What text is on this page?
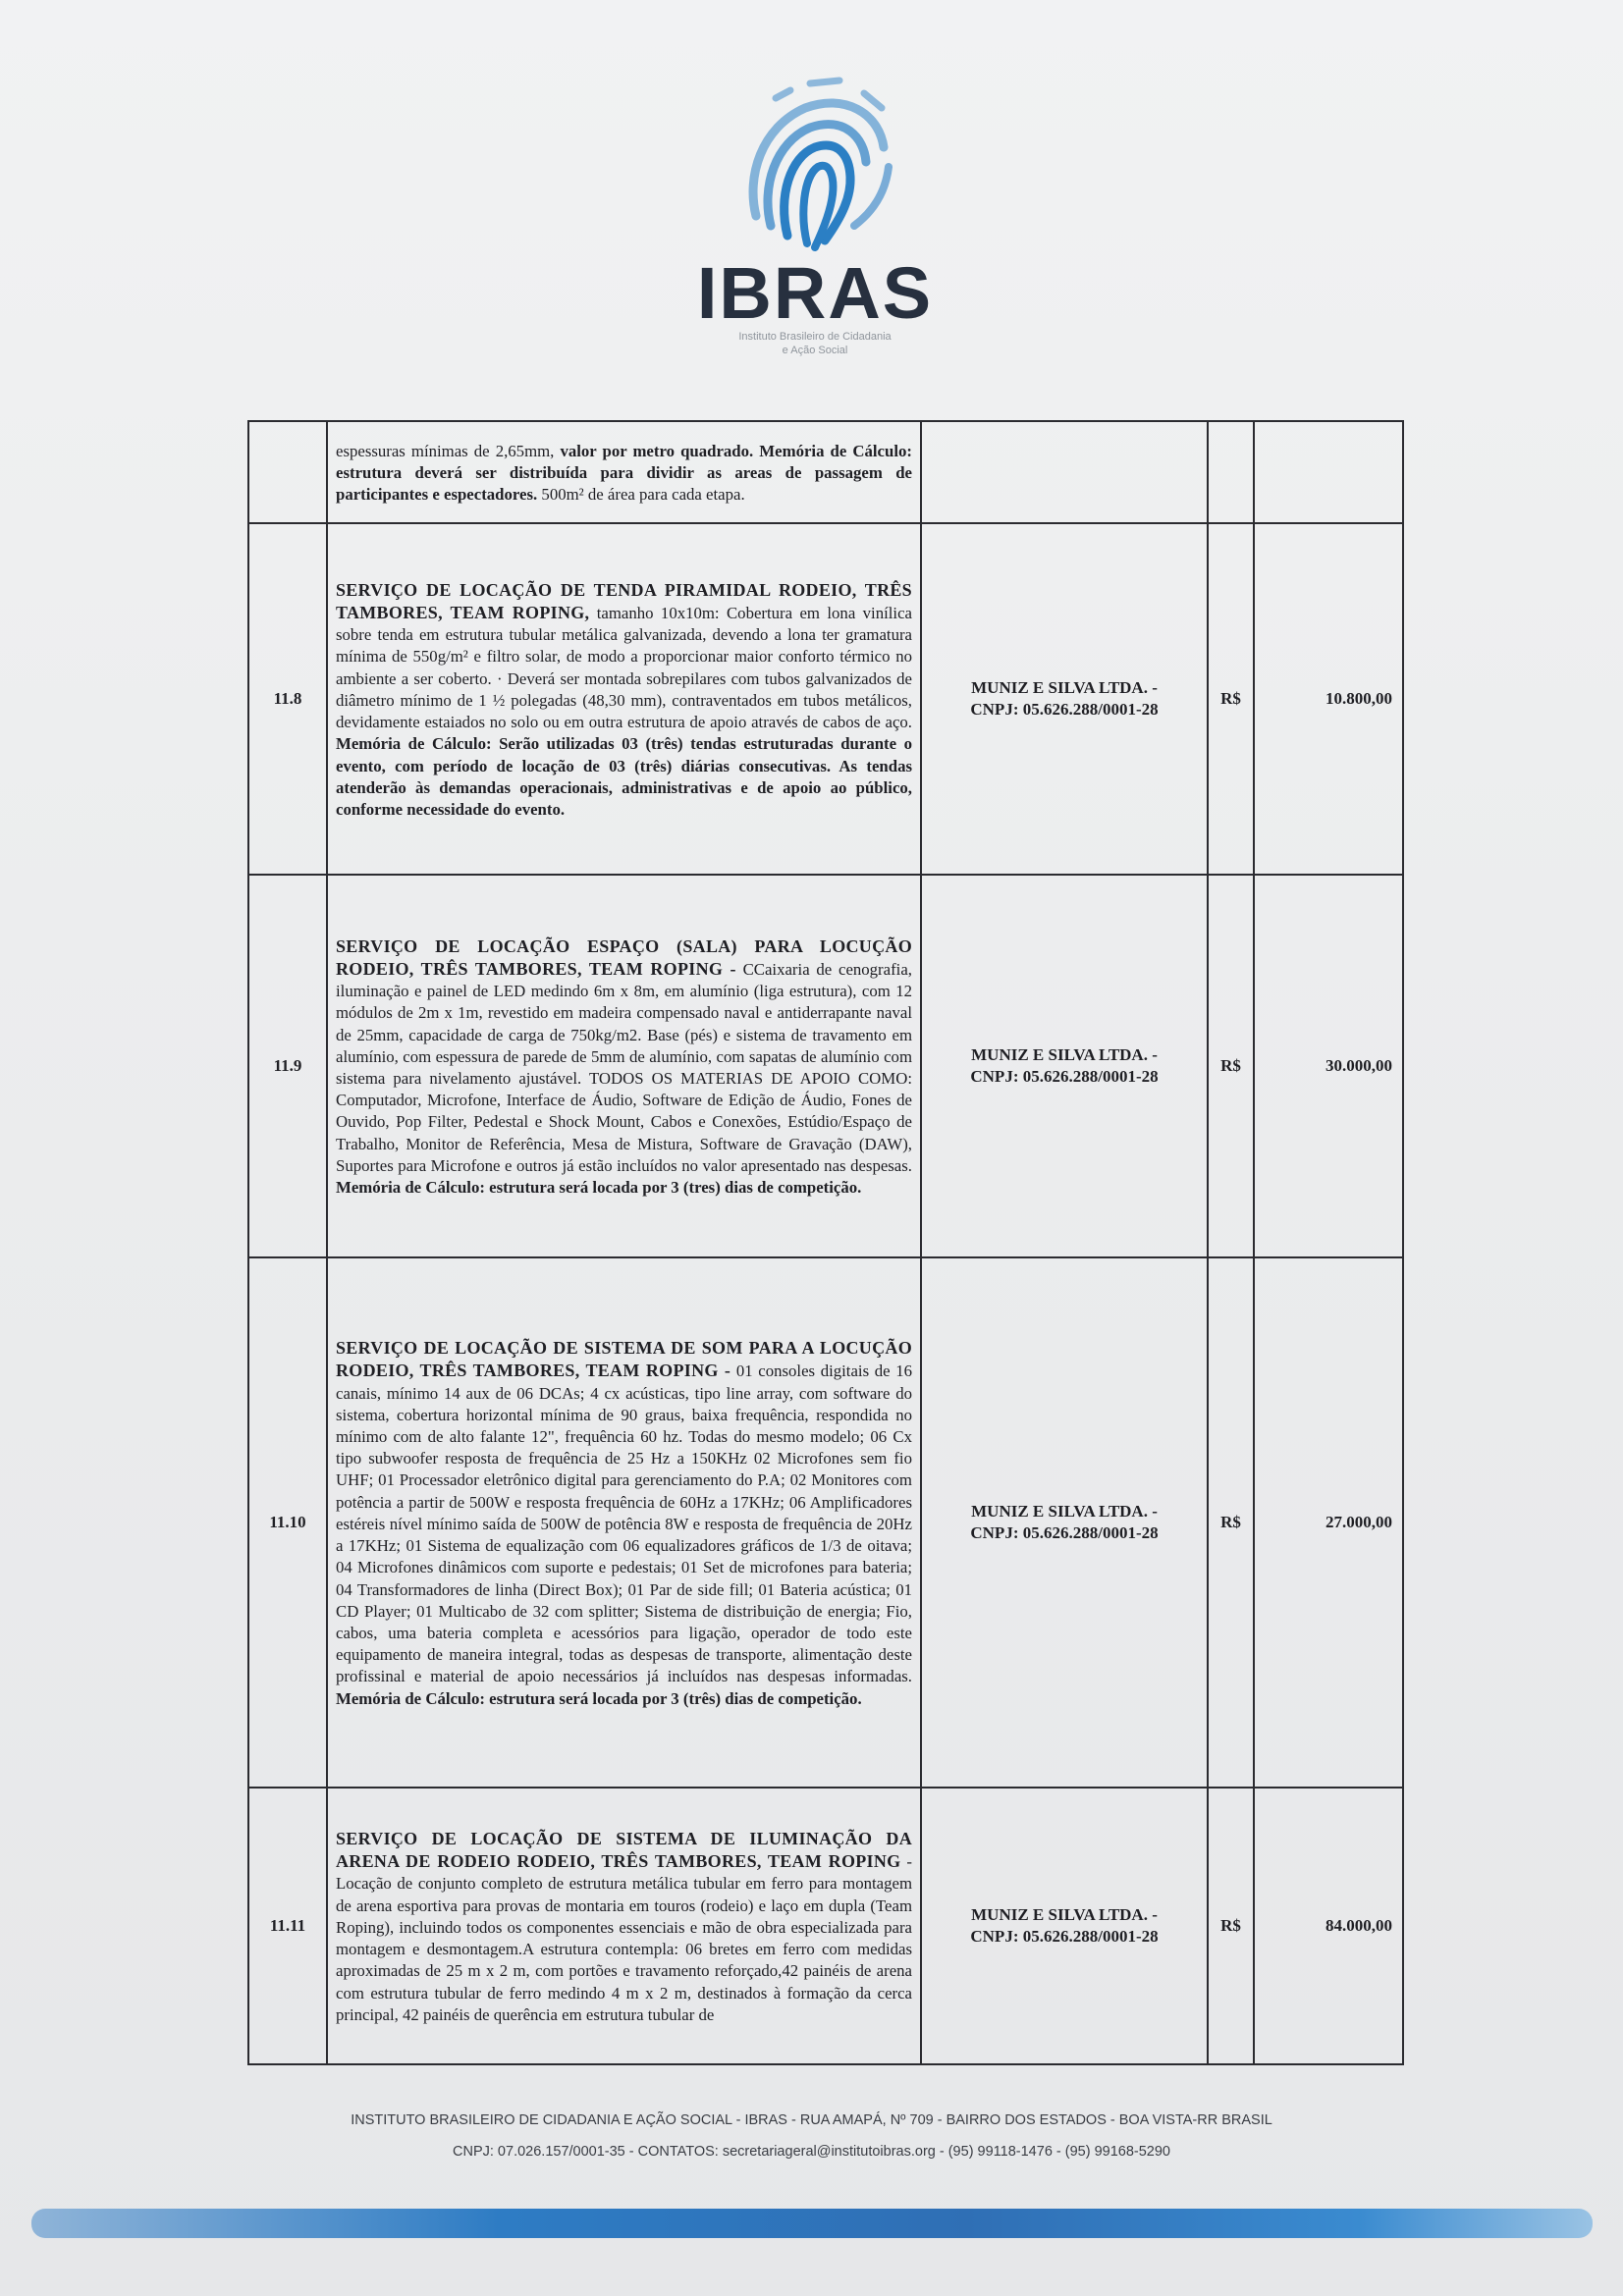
IBRAS
Instituto Brasileiro de Cidadania
e Ação Social
	espessuras mínimas de 2,65mm, valor por metro quadrado. Memória de Cálculo: estrutura deverá ser distribuída para dividir as areas de passagem de participantes e espectadores. 500m² de área para cada etapa.			
11.8	SERVIÇO DE LOCAÇÃO DE TENDA PIRAMIDAL RODEIO, TRÊS TAMBORES, TEAM ROPING, tamanho 10x10m: Cobertura em lona vinílica sobre tenda em estrutura tubular metálica galvanizada, devendo a lona ter gramatura mínima de 550g/m² e filtro solar, de modo a proporcionar maior conforto térmico no ambiente a ser coberto. · Deverá ser montada sobrepilares com tubos galvanizados de diâmetro mínimo de 1 ½ polegadas (48,30 mm), contraventados em tubos metálicos, devidamente estaiados no solo ou em outra estrutura de apoio através de cabos de aço. Memória de Cálculo: Serão utilizadas 03 (três) tendas estruturadas durante o evento, com período de locação de 03 (três) diárias consecutivas. As tendas atenderão às demandas operacionais, administrativas e de apoio ao público, conforme necessidade do evento.	MUNIZ E SILVA LTDA. -
CNPJ: 05.626.288/0001-28	R$	10.800,00
11.9	SERVIÇO DE LOCAÇÃO ESPAÇO (SALA) PARA LOCUÇÃO RODEIO, TRÊS TAMBORES, TEAM ROPING - CCaixaria de cenografia, iluminação e painel de LED medindo 6m x 8m, em alumínio (liga estrutura), com 12 módulos de 2m x 1m, revestido em madeira compensado naval e antiderrapante naval de 25mm, capacidade de carga de 750kg/m2. Base (pés) e sistema de travamento em alumínio, com espessura de parede de 5mm de alumínio, com sapatas de alumínio com sistema para nivelamento ajustável. TODOS OS MATERIAS DE APOIO COMO: Computador, Microfone, Interface de Áudio, Software de Edição de Áudio, Fones de Ouvido, Pop Filter, Pedestal e Shock Mount, Cabos e Conexões, Estúdio/Espaço de Trabalho, Monitor de Referência, Mesa de Mistura, Software de Gravação (DAW), Suportes para Microfone e outros já estão incluídos no valor apresentado nas despesas. Memória de Cálculo: estrutura será locada por 3 (tres) dias de competição.	MUNIZ E SILVA LTDA. -
CNPJ: 05.626.288/0001-28	R$	30.000,00
11.10	SERVIÇO DE LOCAÇÃO DE SISTEMA DE SOM PARA A LOCUÇÃO RODEIO, TRÊS TAMBORES, TEAM ROPING - 01 consoles digitais de 16 canais, mínimo 14 aux de 06 DCAs; 4 cx acústicas, tipo line array, com software do sistema, cobertura horizontal mínima de 90 graus, baixa frequência, respondida no mínimo com de alto falante 12", frequência 60 hz. Todas do mesmo modelo; 06 Cx tipo subwoofer resposta de frequência de 25 Hz a 150KHz 02 Microfones sem fio UHF; 01 Processador eletrônico digital para gerenciamento do P.A; 02 Monitores com potência a partir de 500W e resposta frequência de 60Hz a 17KHz; 06 Amplificadores estéreis nível mínimo saída de 500W de potência 8W e resposta de frequência de 20Hz a 17KHz; 01 Sistema de equalização com 06 equalizadores gráficos de 1/3 de oitava; 04 Microfones dinâmicos com suporte e pedestais; 01 Set de microfones para bateria; 04 Transformadores de linha (Direct Box); 01 Par de side fill; 01 Bateria acústica; 01 CD Player; 01 Multicabo de 32 com splitter; Sistema de distribuição de energia; Fio, cabos, uma bateria completa e acessórios para ligação, operador de todo este equipamento de maneira integral, todas as despesas de transporte, alimentação deste profissinal e material de apoio necessários já incluídos nas despesas informadas. Memória de Cálculo: estrutura será locada por 3 (três) dias de competição.	MUNIZ E SILVA LTDA. -
CNPJ: 05.626.288/0001-28	R$	27.000,00
11.11	SERVIÇO DE LOCAÇÃO DE SISTEMA DE ILUMINAÇÃO DA ARENA DE RODEIO RODEIO, TRÊS TAMBORES, TEAM ROPING - Locação de conjunto completo de estrutura metálica tubular em ferro para montagem de arena esportiva para provas de montaria em touros (rodeio) e laço em dupla (Team Roping), incluindo todos os componentes essenciais e mão de obra especializada para montagem e desmontagem.A estrutura contempla: 06 bretes em ferro com medidas aproximadas de 25 m x 2 m, com portões e travamento reforçado,42 painéis de arena com estrutura tubular de ferro medindo 4 m x 2 m, destinados à formação da cerca principal, 42 painéis de querência em estrutura tubular de	MUNIZ E SILVA LTDA. -
CNPJ: 05.626.288/0001-28	R$	84.000,00
INSTITUTO BRASILEIRO DE CIDADANIA E AÇÃO SOCIAL - IBRAS - RUA AMAPÁ, Nº 709 - BAIRRO DOS ESTADOS - BOA VISTA-RR BRASIL
CNPJ: 07.026.157/0001-35 - CONTATOS: secretariageral@institutoibras.org - (95) 99118-1476 - (95) 99168-5290
